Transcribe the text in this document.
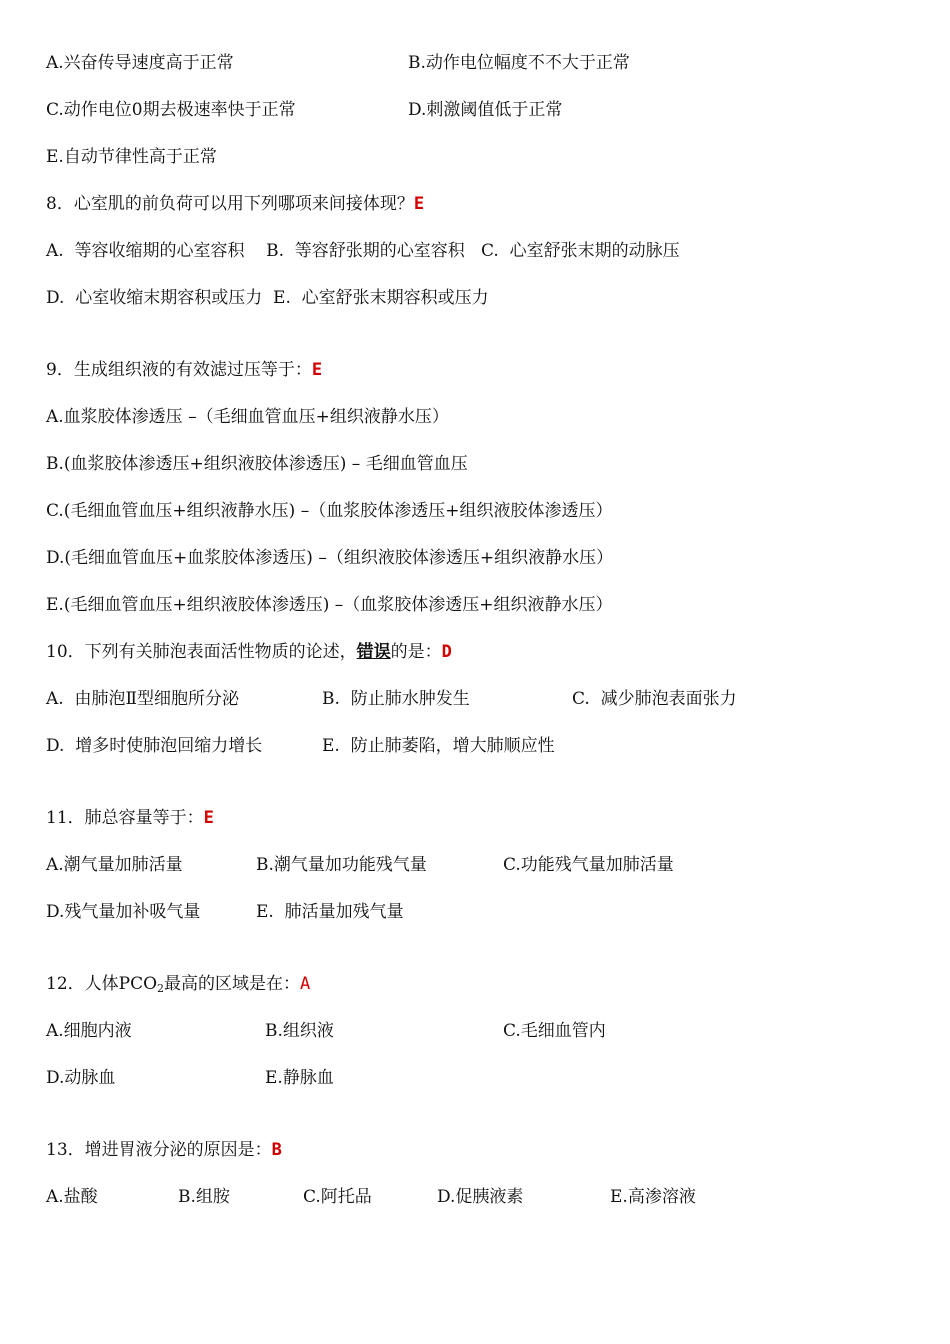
A.兴奋传导速度高于正常	B.动作电位幅度不不大于正常
C.动作电位0期去极速率快于正常	D.刺激阈值低于正常
E.自动节律性高于正常
8．心室肌的前负荷可以用下列哪项来间接体现？E
A.  等容收缩期的心室容积    B.  等容舒张期的心室容积   C.  心室舒张末期的动脉压
D.  心室收缩末期容积或压力  E.  心室舒张末期容积或压力
9．生成组织液的有效滤过压等于：E
A.血浆胶体渗透压 –（毛细血管血压+组织液静水压）
B.(血浆胶体渗透压+组织液胶体渗透压) – 毛细血管血压
C.(毛细血管血压+组织液静水压) –（血浆胶体渗透压+组织液胶体渗透压）
D.(毛细血管血压+血浆胶体渗透压) –（组织液胶体渗透压+组织液静水压）
E.(毛细血管血压+组织液胶体渗透压) –（血浆胶体渗透压+组织液静水压）
10．下列有关肺泡表面活性物质的论述，错误的是：D
A.  由肺泡Ⅱ型细胞所分泌	B.  防止肺水肿发生	C.  减少肺泡表面张力
D.  增多时使肺泡回缩力增长	E.  防止肺萎陷，增大肺顺应性
11．肺总容量等于：E
A.潮气量加肺活量	B.潮气量加功能残气量	C.功能残气量加肺活量
D.残气量加补吸气量	E.  肺活量加残气量
12．人体$PCO_2$最高的区域是在：A
A.细胞内液	B.组织液	C.毛细血管内
D.动脉血	E.静脉血
13．增进胃液分泌的原因是：B
A.盐酸	B.组胺	C.阿托品	D.促胰液素	E.高渗溶液
